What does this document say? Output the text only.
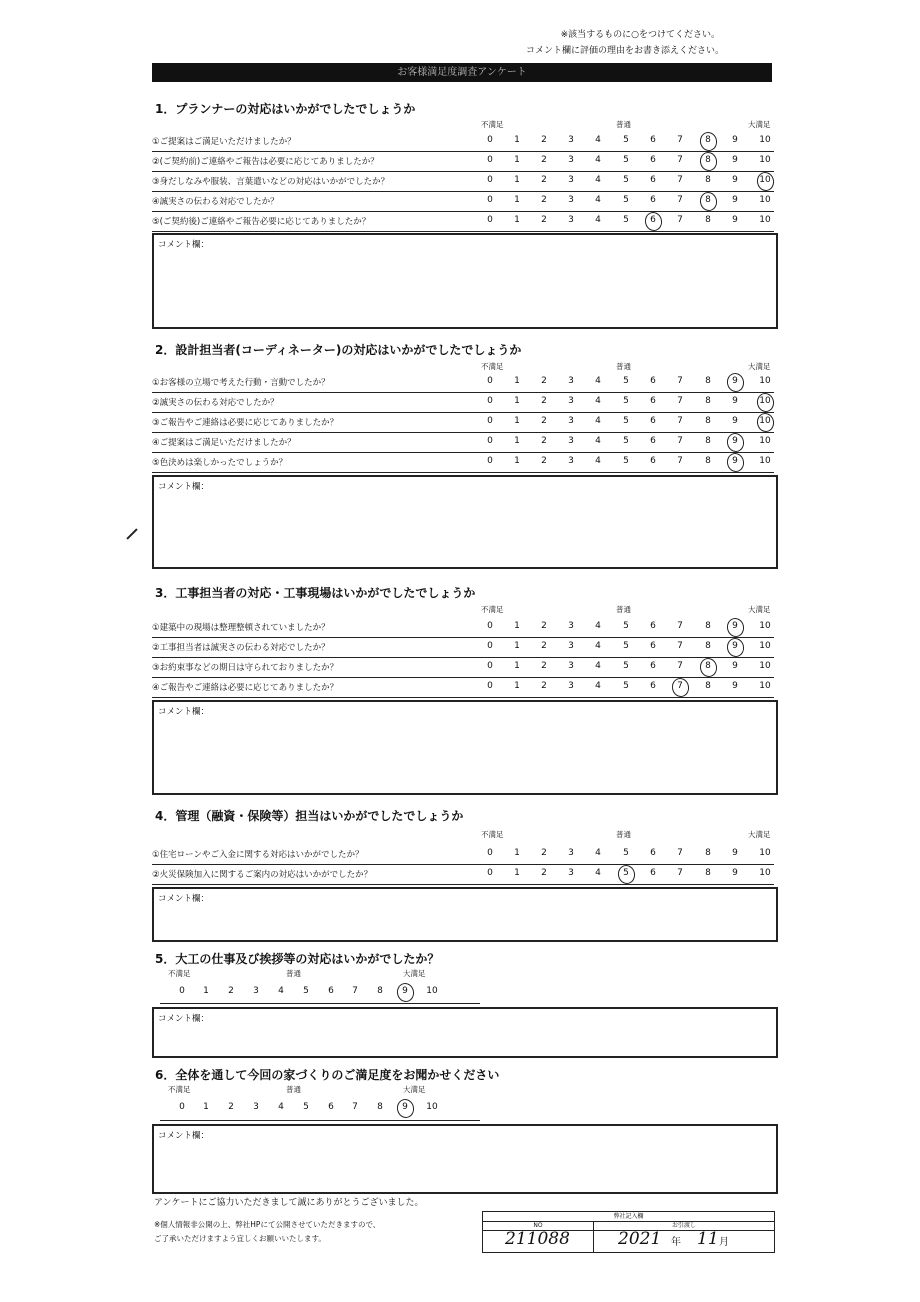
※該当するものに○をつけてください。
コメント欄に評価の理由をお書き添えください。
お客様満足度調査アンケート
1．プランナーの対応はいかがでしたでしょうか
不満足	普通	大満足
①ご提案はご満足いただけましたか？	0	1	2	3	4	5	6	7	8	9	10
②(ご契約前)ご連絡やご報告は必要に応じてありましたか？	0	1	2	3	4	5	6	7	8	9	10
③身だしなみや服装、言葉遣いなどの対応はいかがでしたか？	0	1	2	3	4	5	6	7	8	9	10
④誠実さの伝わる対応でしたか？	0	1	2	3	4	5	6	7	8	9	10
⑤(ご契約後)ご連絡やご報告必要に応じてありましたか？	0	1	2	3	4	5	6	7	8	9	10
コメント欄：
2．設計担当者(コーディネーター)の対応はいかがでしたでしょうか
不満足	普通	大満足
①お客様の立場で考えた行動・言動でしたか？	0	1	2	3	4	5	6	7	8	9	10
②誠実さの伝わる対応でしたか？	0	1	2	3	4	5	6	7	8	9	10
③ご報告やご連絡は必要に応じてありましたか？	0	1	2	3	4	5	6	7	8	9	10
④ご提案はご満足いただけましたか？	0	1	2	3	4	5	6	7	8	9	10
⑤色決めは楽しかったでしょうか？	0	1	2	3	4	5	6	7	8	9	10
コメント欄：
3．工事担当者の対応・工事現場はいかがでしたでしょうか
不満足	普通	大満足
①建築中の現場は整理整頓されていましたか？	0	1	2	3	4	5	6	7	8	9	10
②工事担当者は誠実さの伝わる対応でしたか？	0	1	2	3	4	5	6	7	8	9	10
③お約束事などの期日は守られておりましたか？	0	1	2	3	4	5	6	7	8	9	10
④ご報告やご連絡は必要に応じてありましたか？	0	1	2	3	4	5	6	7	8	9	10
コメント欄：
4．管理（融資・保険等）担当はいかがでしたでしょうか
不満足	普通	大満足
①住宅ローンやご入金に関する対応はいかがでしたか？	0	1	2	3	4	5	6	7	8	9	10
②火災保険加入に関するご案内の対応はいかがでしたか？	0	1	2	3	4	5	6	7	8	9	10
コメント欄：
5．大工の仕事及び挨拶等の対応はいかがでしたか？
不満足	普通	大満足
0	1	2	3	4	5	6	7	8	9	10
コメント欄：
6．全体を通して今回の家づくりのご満足度をお聞かせください
不満足	普通	大満足
0	1	2	3	4	5	6	7	8	9	10
コメント欄：
アンケートにご協力いただきまして誠にありがとうございました。
※個人情報非公開の上、弊社HPにて公開させていただきますので、
ご了承いただけますよう宜しくお願いいたします。
弊社記入欄
NO	お引渡し
211088	2021 年 11 月
